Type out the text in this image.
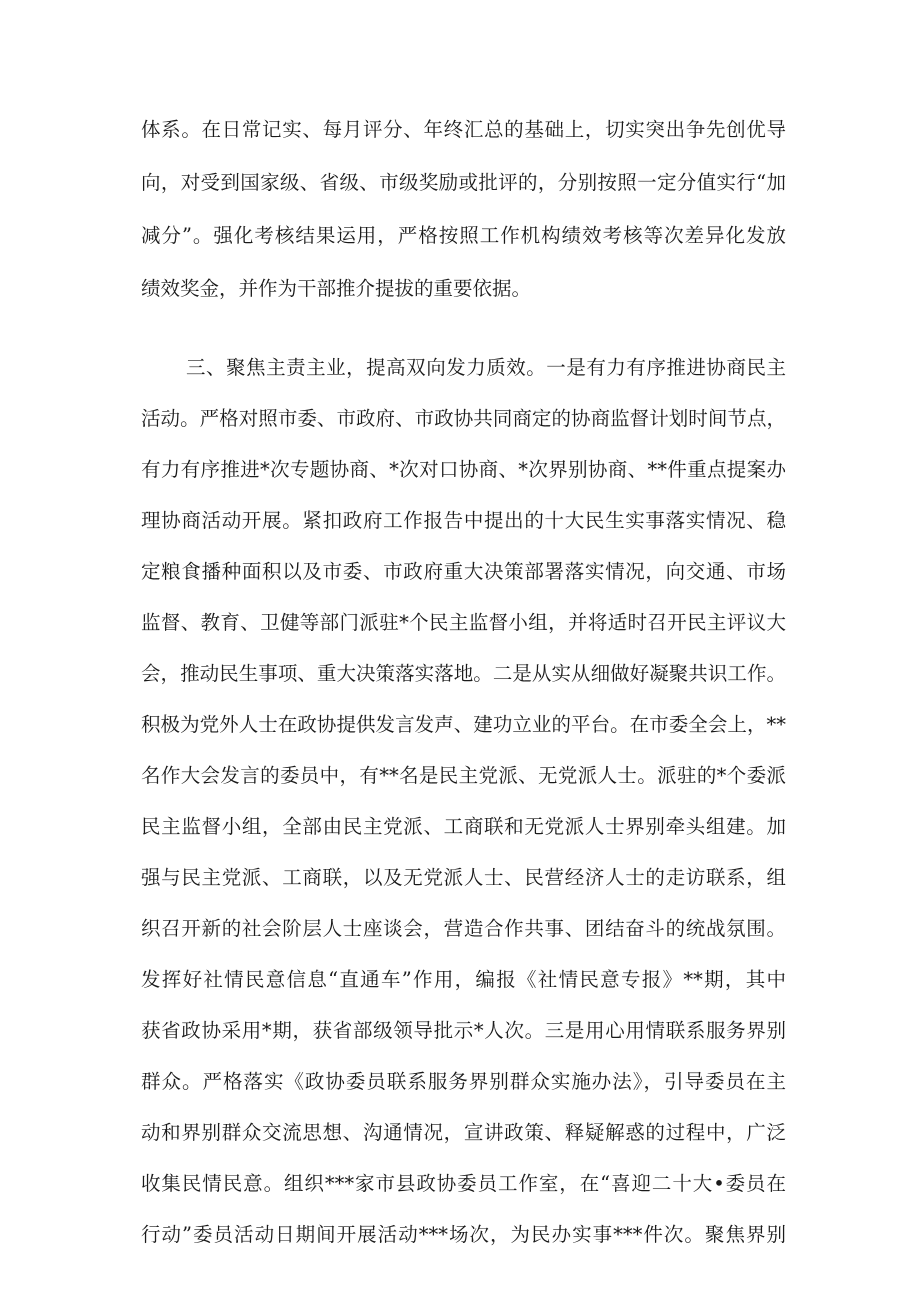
体系。在日常记实、每月评分、年终汇总的基础上，切实突出争先创优导
向，对受到国家级、省级、市级奖励或批评的，分别按照一定分值实行“加
减分”。强化考核结果运用，严格按照工作机构绩效考核等次差异化发放
绩效奖金，并作为干部推介提拔的重要依据。
三、聚焦主责主业，提高双向发力质效。一是有力有序推进协商民主
活动。严格对照市委、市政府、市政协共同商定的协商监督计划时间节点，
有力有序推进*次专题协商、*次对口协商、*次界别协商、**件重点提案办
理协商活动开展。紧扣政府工作报告中提出的十大民生实事落实情况、稳
定粮食播种面积以及市委、市政府重大决策部署落实情况，向交通、市场
监督、教育、卫健等部门派驻*个民主监督小组，并将适时召开民主评议大
会，推动民生事项、重大决策落实落地。二是从实从细做好凝聚共识工作。
积极为党外人士在政协提供发言发声、建功立业的平台。在市委全会上，**
名作大会发言的委员中，有**名是民主党派、无党派人士。派驻的*个委派
民主监督小组，全部由民主党派、工商联和无党派人士界别牵头组建。加
强与民主党派、工商联，以及无党派人士、民营经济人士的走访联系，组
织召开新的社会阶层人士座谈会，营造合作共事、团结奋斗的统战氛围。
发挥好社情民意信息“直通车”作用，编报《社情民意专报》**期，其中
获省政协采用*期，获省部级领导批示*人次。三是用心用情联系服务界别
群众。严格落实《政协委员联系服务界别群众实施办法》，引导委员在主
动和界别群众交流思想、沟通情况，宣讲政策、释疑解惑的过程中，广泛
收集民情民意。组织***家市县政协委员工作室，在“喜迎二十大•委员在
行动”委员活动日期间开展活动***场次，为民办实事***件次。聚焦界别
